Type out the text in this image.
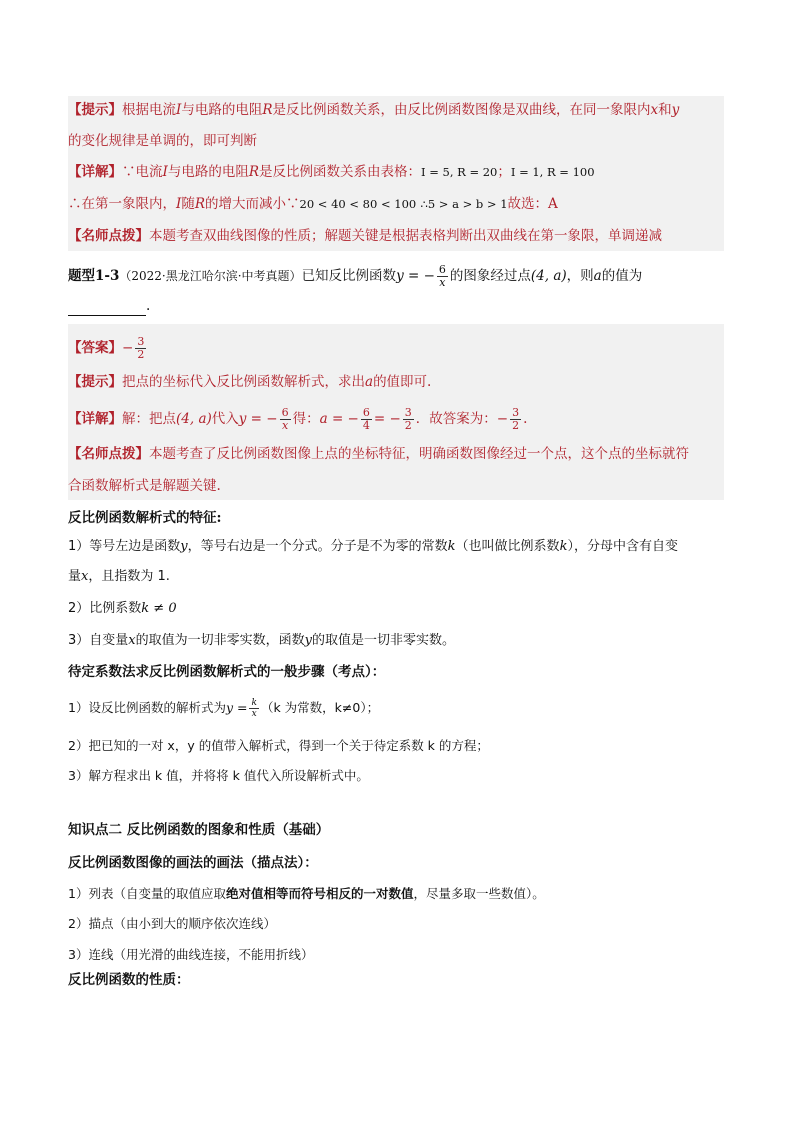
【提示】根据电流I与电路的电阻R是反比例函数关系，由反比例函数图像是双曲线，在同一象限内x和y
的变化规律是单调的，即可判断
【详解】∵电流I与电路的电阻R是反比例函数关系由表格：I = 5, R = 20；I = 1, R = 100
∴在第一象限内，I随R的增大而减小∵20 < 40 < 80 < 100 ∴5 > a > b > 1故选：A
【名师点拨】本题考查双曲线图像的性质；解题关键是根据表格判断出双曲线在第一象限，单调递减
题型1-3（2022·黑龙江哈尔滨·中考真题）已知反比例函数y = − $\frac{6}{x}$ 的图象经过点(4, a)，则a的值为
.
【答案】− $\frac{3}{2}$
【提示】把点的坐标代入反比例函数解析式，求出a的值即可.
【详解】解：把点(4, a)代入y = − $\frac{6}{x}$ 得：a = − $\frac{6}{4}$ = − $\frac{3}{2}$ ．故答案为：− $\frac{3}{2}$ .
【名师点拨】本题考查了反比例函数图像上点的坐标特征，明确函数图像经过一个点，这个点的坐标就符
合函数解析式是解题关键.
反比例函数解析式的特征:
1）等号左边是函数y，等号右边是一个分式。分子是不为零的常数k（也叫做比例系数k），分母中含有自变
量x，且指数为 1.
2）比例系数k ≠ 0
3）自变量x的取值为一切非零实数，函数y的取值是一切非零实数。
待定系数法求反比例函数解析式的一般步骤（考点）：
1）设反比例函数的解析式为$y = \frac{k}{x} (k$ 为常数，k≠0）；
2）把已知的一对 x，y 的值带入解析式，得到一个关于待定系数 k 的方程；
3）解方程求出 k 值，并将将 k 值代入所设解析式中。
知识点二 反比例函数的图象和性质（基础）
反比例函数图像的画法的画法（描点法）：
1）列表（自变量的取值应取绝对值相等而符号相反的一对数值，尽量多取一些数值）。
2）描点（由小到大的顺序依次连线）
3）连线（用光滑的曲线连接，不能用折线）
反比例函数的性质：
